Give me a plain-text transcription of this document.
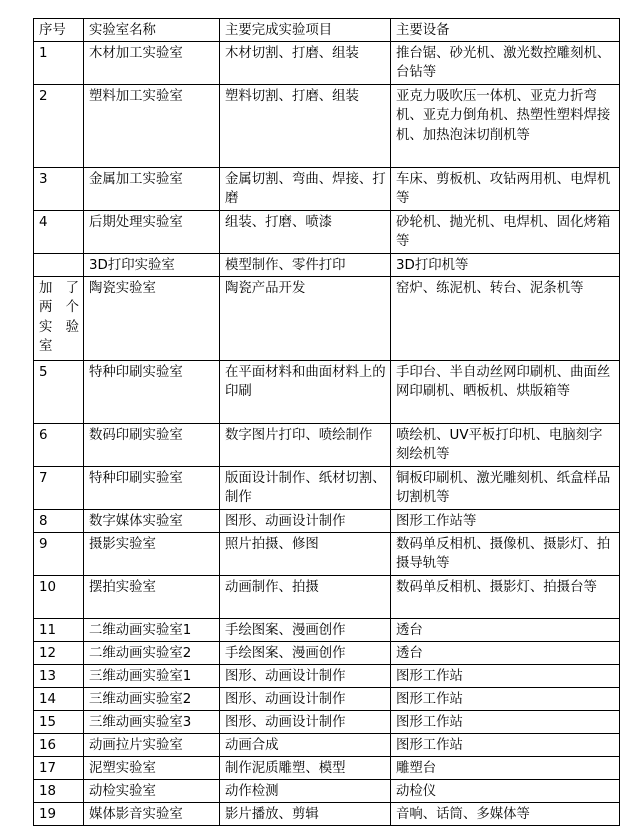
序号	实验室名称	主要完成实验项目	主要设备
1	木材加工实验室	木材切割、打磨、组装	推台锯、砂光机、激光数控雕刻机、台钻等
2	塑料加工实验室	塑料切割、打磨、组装	亚克力吸吹压一体机、亚克力折弯机、亚克力倒角机、热塑性塑料焊接机、加热泡沫切削机等
3	金属加工实验室	金属切割、弯曲、焊接、打磨	车床、剪板机、攻钻两用机、电焊机等
4	后期处理实验室	组装、打磨、喷漆	砂轮机、抛光机、电焊机、固化烤箱等
	3D打印实验室	模型制作、零件打印	3D打印机等
加了两个实验室	陶瓷实验室	陶瓷产品开发	窑炉、练泥机、转台、泥条机等
5	特种印刷实验室	在平面材料和曲面材料上的印刷	手印台、半自动丝网印刷机、曲面丝网印刷机、晒板机、烘版箱等
6	数码印刷实验室	数字图片打印、喷绘制作	喷绘机、UV平板打印机、电脑刻字刻绘机等
7	特种印刷实验室	版面设计制作、纸材切割、制作	铜板印刷机、激光雕刻机、纸盒样品切割机等
8	数字媒体实验室	图形、动画设计制作	图形工作站等
9	摄影实验室	照片拍摄、修图	数码单反相机、摄像机、摄影灯、拍摄导轨等
10	摆拍实验室	动画制作、拍摄	数码单反相机、摄影灯、拍摄台等
11	二维动画实验室1	手绘图案、漫画创作	透台
12	二维动画实验室2	手绘图案、漫画创作	透台
13	三维动画实验室1	图形、动画设计制作	图形工作站
14	三维动画实验室2	图形、动画设计制作	图形工作站
15	三维动画实验室3	图形、动画设计制作	图形工作站
16	动画拉片实验室	动画合成	图形工作站
17	泥塑实验室	制作泥质雕塑、模型	雕塑台
18	动检实验室	动作检测	动检仪
19	媒体影音实验室	影片播放、剪辑	音响、话筒、多媒体等
